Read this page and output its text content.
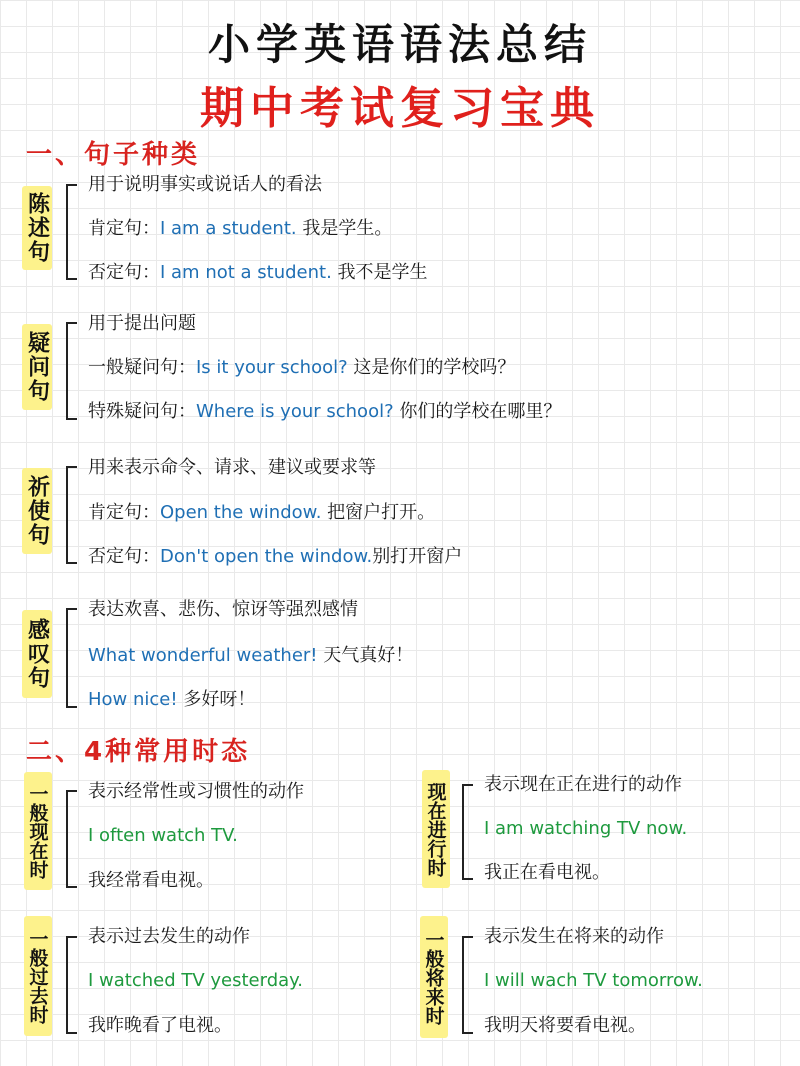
小学英语语法总结
期中考试复习宝典
一、句子种类
陈述句
用于说明事实或说话人的看法
肯定句：I am a student. 我是学生。
否定句：I am not a student. 我不是学生
疑问句
用于提出问题
一般疑问句：Is it your school? 这是你们的学校吗？
特殊疑问句：Where is your school? 你们的学校在哪里？
祈使句
用来表示命令、请求、建议或要求等
肯定句：Open the window. 把窗户打开。
否定句：Don't open the window.别打开窗户
感叹句
表达欢喜、悲伤、惊讶等强烈感情
What wonderful weather! 天气真好！
How nice! 多好呀！
二、4种常用时态
一般现在时 表示经常性或习惯性的动作
I often watch TV.
我经常看电视。
现在进行时 表示现在正在进行的动作
I am watching TV now.
我正在看电视。
一般过去时 表示过去发生的动作
I watched TV yesterday.
我昨晚看了电视。
一般将来时 表示发生在将来的动作
I will wach TV tomorrow.
我明天将要看电视。
